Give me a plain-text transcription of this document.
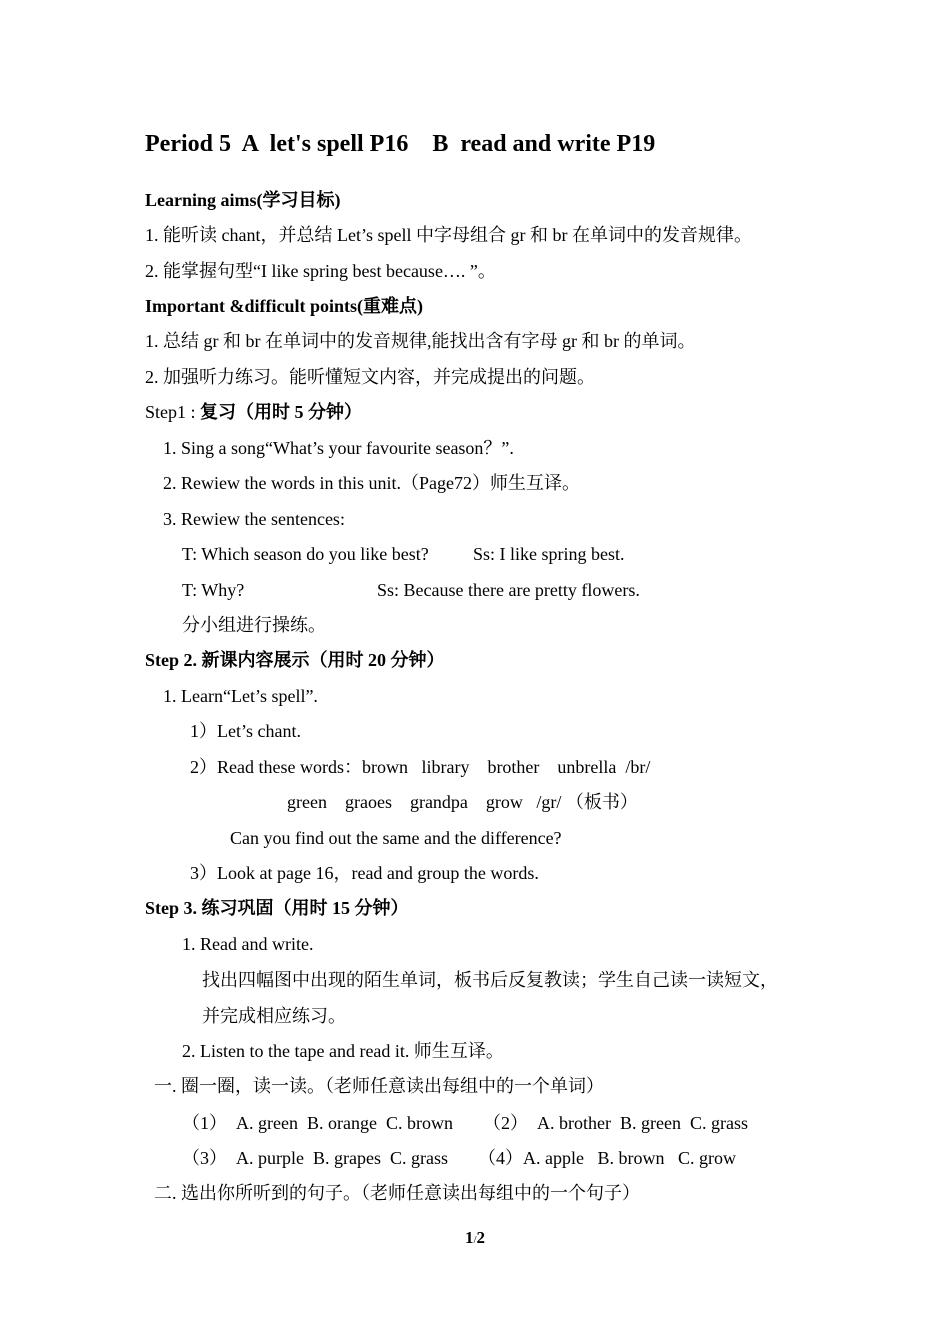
Period 5  A  let's spell P16    B  read and write P19
Learning aims(学习目标)
1. 能听读 chant，并总结 Let’s spell 中字母组合 gr 和 br 在单词中的发音规律。
2. 能掌握句型“I like spring best because…. ”。
Important &difficult points(重难点)
1. 总结 gr 和 br 在单词中的发音规律,能找出含有字母 gr 和 br 的单词。
2. 加强听力练习。能听懂短文内容，并完成提出的问题。
Step1 : 复习（用时 5 分钟）
1. Sing a song“What’s your favourite season？”.
2. Rewiew the words in this unit.（Page72）师生互译。
3. Rewiew the sentences:
T: Which season do you like best? Ss: I like spring best.
T: Why?	Ss: Because there are pretty flowers.
分小组进行操练。
Step 2. 新课内容展示（用时 20 分钟）
1. Learn“Let’s spell”.
1）Let’s chant.
2）Read these words：brown   library    brother    unbrella  /br/
green    graoes    grandpa    grow   /gr/ （板书）
Can you find out the same and the difference?
3）Look at page 16，read and group the words.
Step 3. 练习巩固（用时 15 分钟）
1. Read and write.
找出四幅图中出现的陌生单词，板书后反复教读；学生自己读一读短文，
并完成相应练习。
2. Listen to the tape and read it. 师生互译。
一. 圈一圈，读一读。（老师任意读出每组中的一个单词）
（1）  A. green  B. orange  C. brown （2）  A. brother  B. green  C. grass
（3）  A. purple  B. grapes  C. grass （4）A. apple   B. brown   C. grow
二. 选出你所听到的句子。（老师任意读出每组中的一个句子）
1/2
